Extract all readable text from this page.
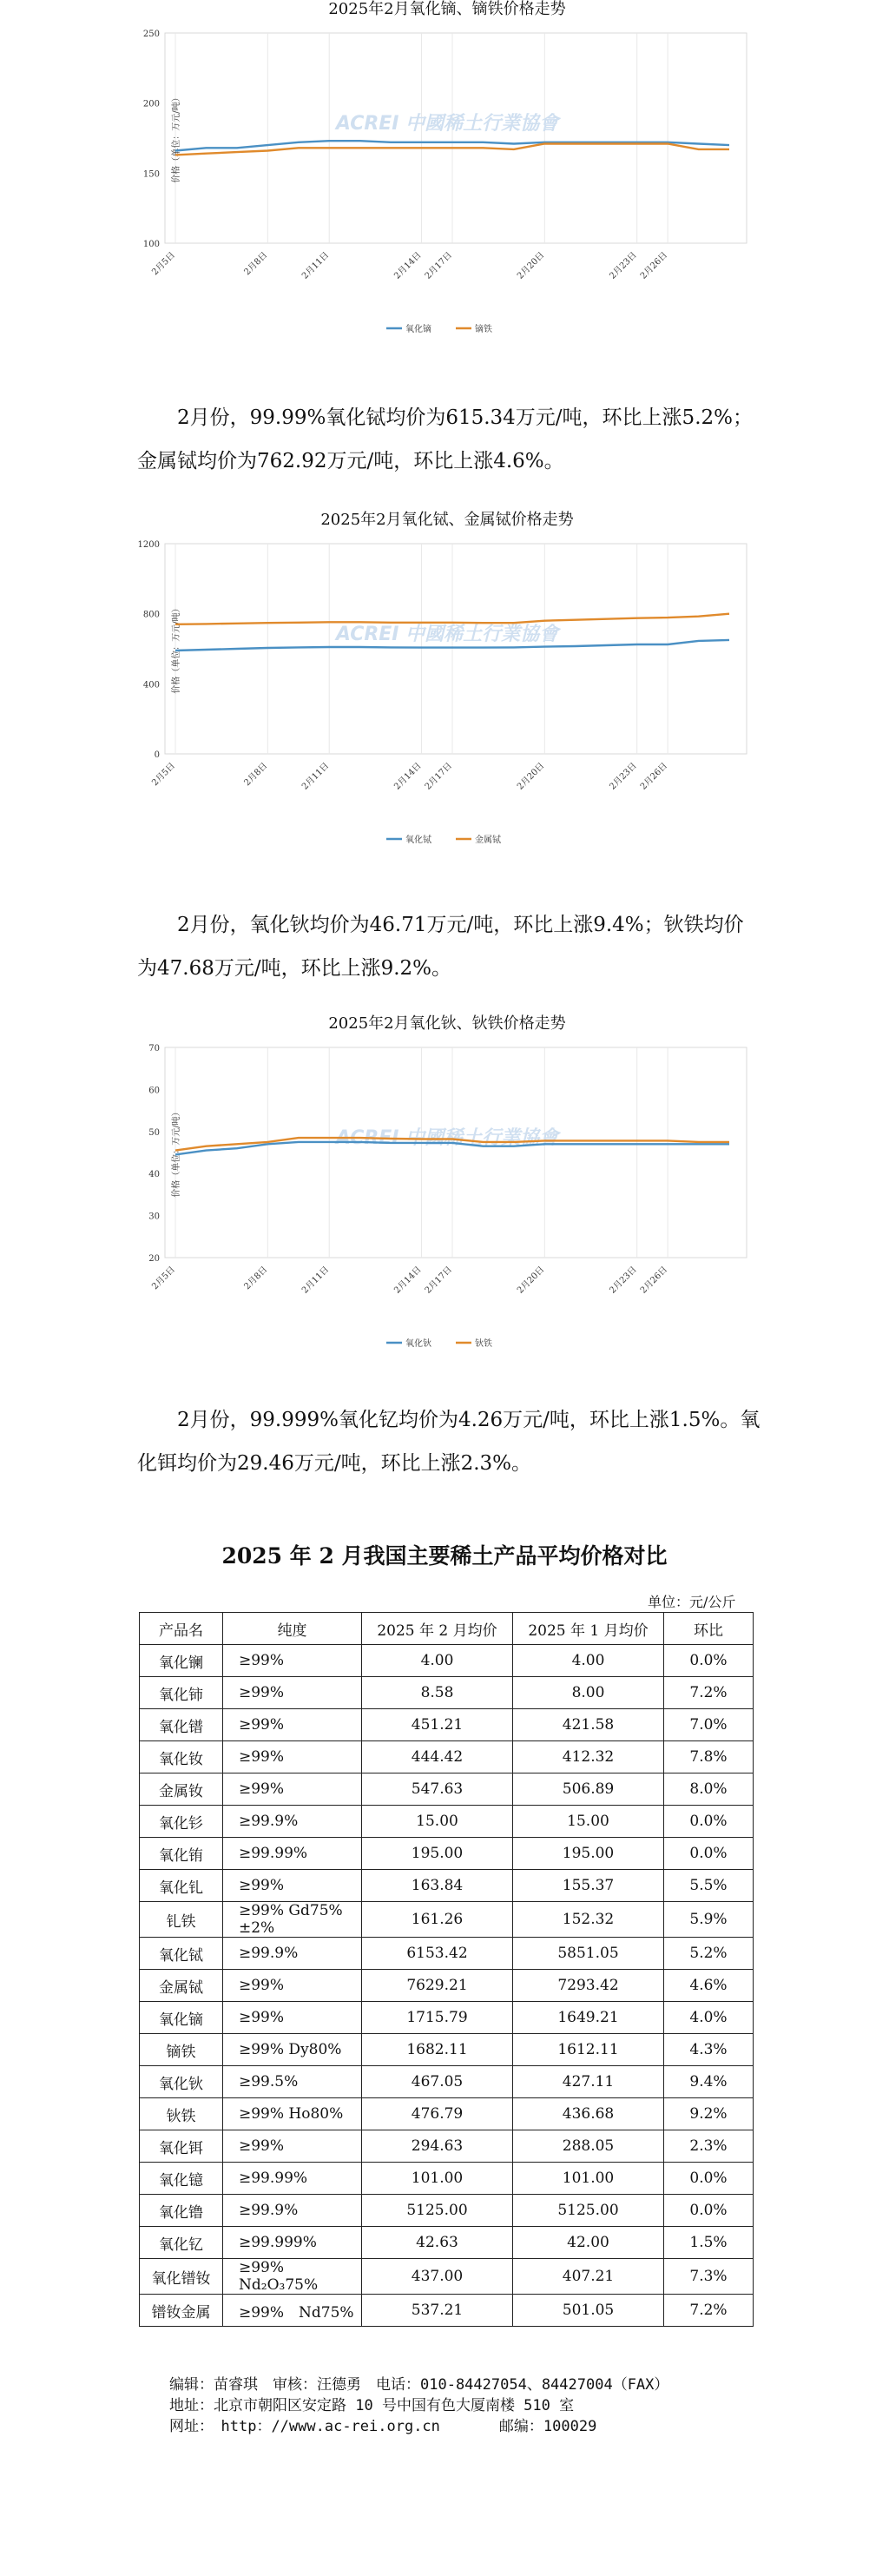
2025年2月氧化镝、镝铁价格走势
2月5日	2月8日	2月11日	2月14日 2月17日	2月20日	2月23日 2月26日
100
150
200
250
价格（单位：万元/吨）	ACREI 中國稀土行業協會
氧化镝	镝铁

2月份，99.99%氧化铽均价为615.34万元/吨，环比上涨5.2%；金属铽均价为762.92万元/吨，环比上涨4.6%。

2025年2月氧化铽、金属铽价格走势
2月5日	2月8日	2月11日	2月14日 2月17日	2月20日	2月23日 2月26日
0
400
800
1200
价格（单位：万元/吨）	ACREI 中國稀土行業協會
氧化铽	金属铽

2月份，氧化钬均价为46.71万元/吨，环比上涨9.4%；钬铁均价为47.68万元/吨，环比上涨9.2%。

2025年2月氧化钬、钬铁价格走势
2月5日	2月8日	2月11日	2月14日 2月17日	2月20日	2月23日 2月26日
20
30
40
50
60
70
价格（单位：万元/吨）	ACREI 中國稀土行業協會
氧化钬	钬铁

2月份，99.999%氧化钇均价为4.26万元/吨，环比上涨1.5%。氧化铒均价为29.46万元/吨，环比上涨2.3%。

2025 年 2 月我国主要稀土产品平均价格对比
单位：元/公斤
产品名	纯度	2025 年 2 月均价	2025 年 1 月均价	环比
氧化镧	≥99%	4.00	4.00	0.0%
氧化铈	≥99%	8.58	8.00	7.2%
氧化镨	≥99%	451.21	421.58	7.0%
氧化钕	≥99%	444.42	412.32	7.8%
金属钕	≥99%	547.63	506.89	8.0%
氧化钐	≥99.9%	15.00	15.00	0.0%
氧化铕	≥99.99%	195.00	195.00	0.0%
氧化钆	≥99%	163.84	155.37	5.5%
钆铁	≥99% Gd75%±2%	161.26	152.32	5.9%
氧化铽	≥99.9%	6153.42	5851.05	5.2%
金属铽	≥99%	7629.21	7293.42	4.6%
氧化镝	≥99%	1715.79	1649.21	4.0%
镝铁	≥99% Dy80%	1682.11	1612.11	4.3%
氧化钬	≥99.5%	467.05	427.11	9.4%
钬铁	≥99% Ho80%	476.79	436.68	9.2%
氧化铒	≥99%	294.63	288.05	2.3%
氧化镱	≥99.99%	101.00	101.00	0.0%
氧化镥	≥99.9%	5125.00	5125.00	0.0%
氧化钇	≥99.999%	42.63	42.00	1.5%
氧化镨钕	≥99% Nd₂O₃75%	437.00	407.21	7.3%
镨钕金属	≥99%　Nd75%	537.21	501.05	7.2%
编辑：苗睿琪　审核：汪德勇　电话：010-84427054、84427004（FAX）
地址：北京市朝阳区安定路 10 号中国有色大厦南楼 510 室
网址：　http：//www.ac-rei.org.cn　　　　邮编：100029
